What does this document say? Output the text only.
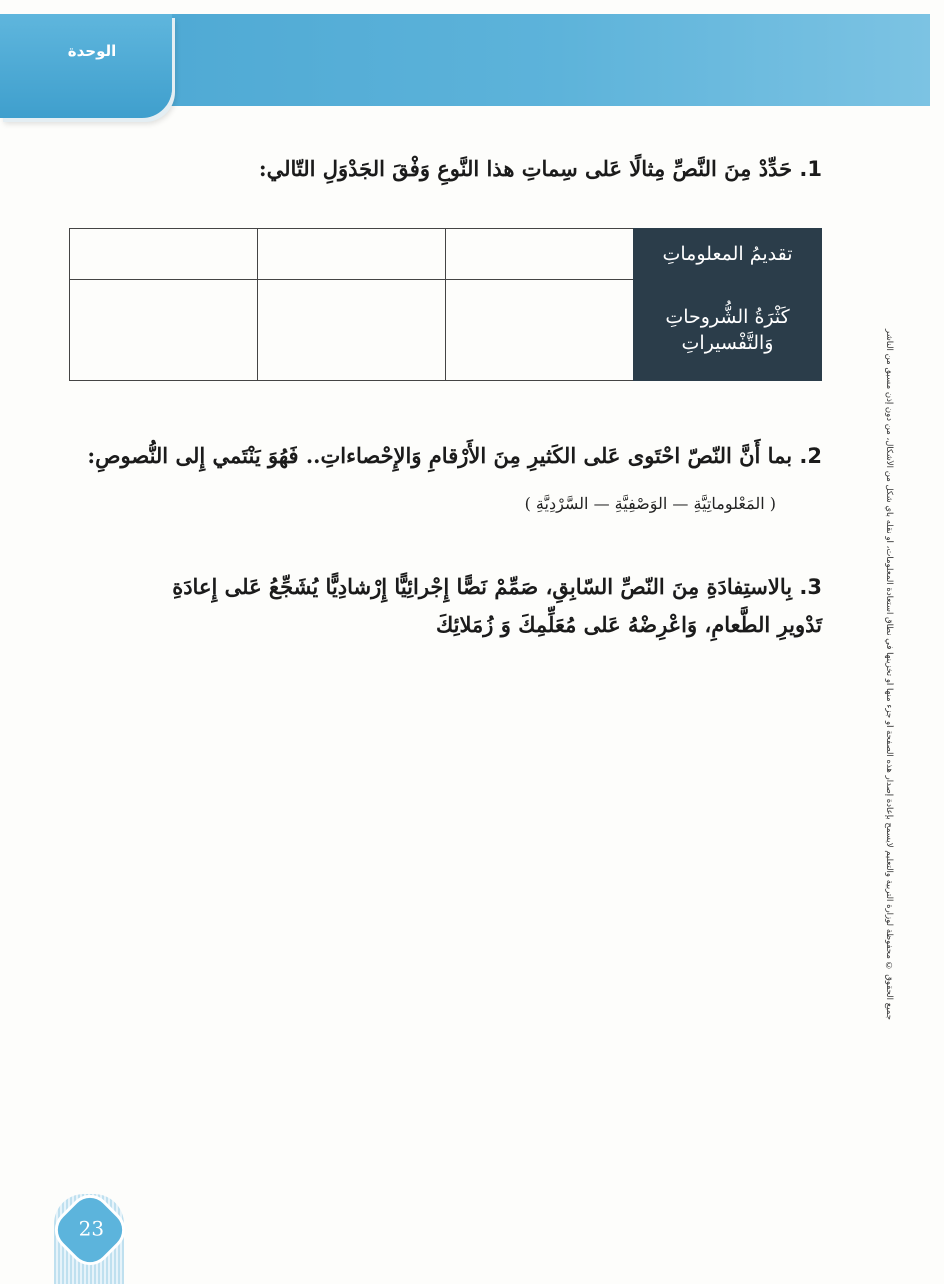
الوحدة
1. حَدِّدْ مِنَ النَّصِّ مِثالًا عَلى سِماتِ هذا النَّوعِ وَفْقَ الجَدْوَلِ التّالي:
تقديمُ المعلوماتِ			
كَثْرَةُ الشُّروحاتِ وَالتَّفْسيراتِ			
2. بما أَنَّ النّصّ احْتَوى عَلى الكَثيرِ مِنَ الأَرْقامِ وَالإِحْصاءاتِ.. فَهُوَ يَنْتَمي إِلى النُّصوصِ:
( المَعْلوماتِيَّةِ — الوَصْفِيَّةِ — السَّرْدِيَّةِ )
3. بِالاستِفادَةِ مِنَ النّصِّ السّابِقِ، صَمِّمْ نَصًّا إِجْرائِيًّا إِرْشادِيًّا يُشَجِّعُ عَلى إِعادَةِ تَدْويرِ الطَّعامِ، وَاعْرِضْهُ عَلى مُعَلِّمِكَ وَ زُمَلائِكَ	جميع الحقوق © محفوظة لوزارة التربية والتعليم لايسمح بإعادة إصدار هذه الصفحة أو جزء منها أو تخزينها في نطاق استعادة المعلومات، أو نقله بأي شكل من الأشكال، من دون إذن مسبق من الناشر
23
